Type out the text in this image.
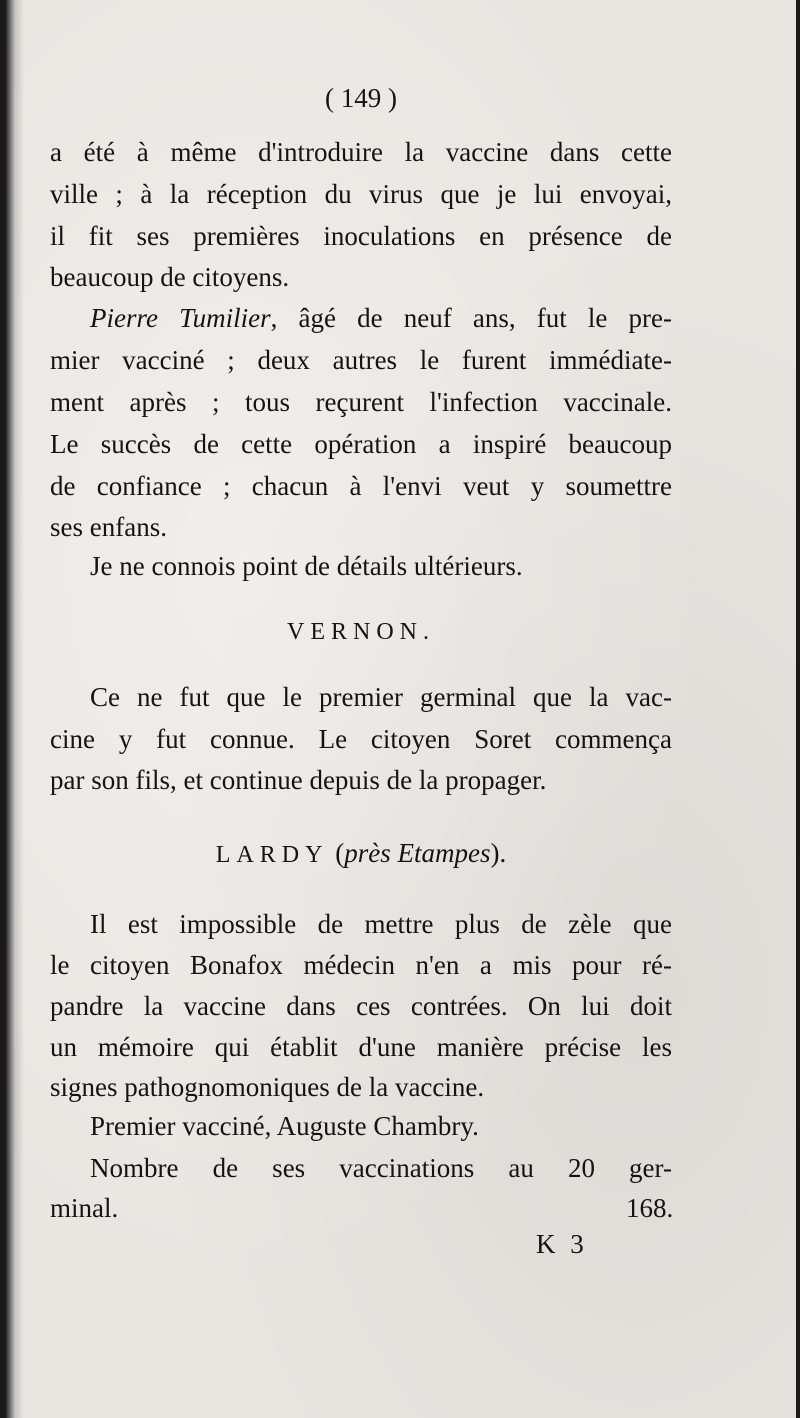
( 149 )
a été à même d'introduire la vaccine dans cette
ville ; à la réception du virus que je lui envoyai,
il fit ses premières inoculations en présence de
beaucoup de citoyens.
Pierre Tumilier, âgé de neuf ans, fut le pre-
mier vacciné ; deux autres le furent immédiate-
ment après ; tous reçurent l'infection vaccinale.
Le succès de cette opération a inspiré beaucoup
de confiance ; chacun à l'envi veut y soumettre
ses enfans.
Je ne connois point de détails ultérieurs.
VERNON.
Ce ne fut que le premier germinal que la vac-
cine y fut connue. Le citoyen Soret commença
par son fils, et continue depuis de la propager.
LARDY (près Etampes).
Il est impossible de mettre plus de zèle que
le citoyen Bonafox médecin n'en a mis pour ré-
pandre la vaccine dans ces contrées. On lui doit
un mémoire qui établit d'une manière précise les
signes pathognomoniques de la vaccine.
Premier vacciné, Auguste Chambry.
Nombre de ses vaccinations au 20 ger-
minal.	168.
K 3
